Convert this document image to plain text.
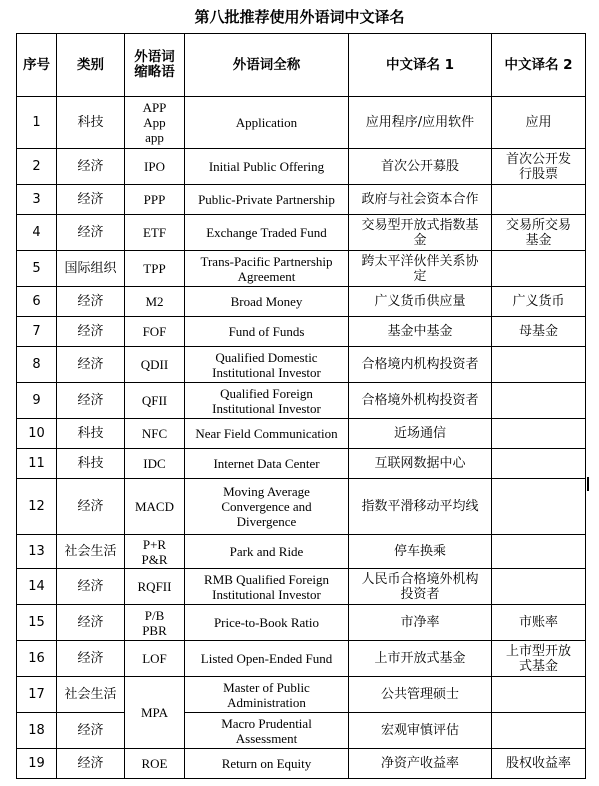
第八批推荐使用外语词中文译名
序号	类别	外语词
缩略语	外语词全称	中文译名 1	中文译名 2
1	科技	APP
App
app	Application	应用程序/应用软件	应用
2	经济	IPO	Initial Public Offering	首次公开募股	首次公开发
行股票
3	经济	PPP	Public-Private Partnership	政府与社会资本合作	
4	经济	ETF	Exchange Traded Fund	交易型开放式指数基
金	交易所交易
基金
5	国际组织	TPP	Trans-Pacific Partnership
Agreement	跨太平洋伙伴关系协
定	
6	经济	M2	Broad Money	广义货币供应量	广义货币
7	经济	FOF	Fund of Funds	基金中基金	母基金
8	经济	QDII	Qualified Domestic
Institutional Investor	合格境内机构投资者	
9	经济	QFII	Qualified Foreign
Institutional Investor	合格境外机构投资者	
10	科技	NFC	Near Field Communication	近场通信	
11	科技	IDC	Internet Data Center	互联网数据中心	
12	经济	MACD	Moving Average
Convergence and
Divergence	指数平滑移动平均线	
13	社会生活	P+R
P&R	Park and Ride	停车换乘	
14	经济	RQFII	RMB Qualified Foreign
Institutional Investor	人民币合格境外机构
投资者	
15	经济	P/B
PBR	Price-to-Book Ratio	市净率	市账率
16	经济	LOF	Listed Open-Ended Fund	上市开放式基金	上市型开放
式基金
17	社会生活	MPA	Master of Public
Administration	公共管理硕士	
18	经济		Macro Prudential
Assessment	宏观审慎评估	
19	经济	ROE	Return on Equity	净资产收益率	股权收益率
